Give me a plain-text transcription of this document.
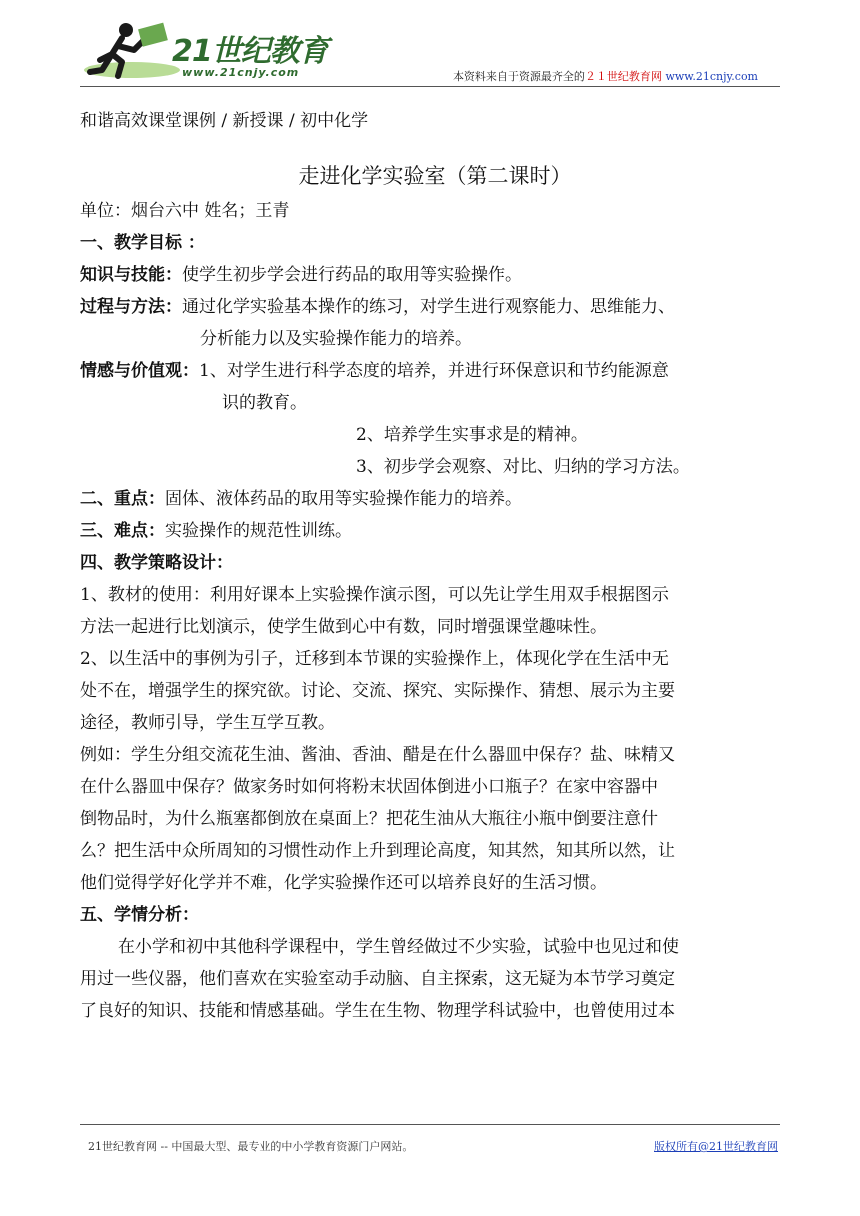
21世纪教育
www.21cnjy.com	本资料来自于资源最齐全的２１世纪教育网 www.21cnjy.com
和谐高效课堂课例 / 新授课 / 初中化学
走进化学实验室（第二课时）
单位：烟台六中 姓名；王青
一、教学目标 ：
知识与技能：使学生初步学会进行药品的取用等实验操作。
过程与方法：通过化学实验基本操作的练习，对学生进行观察能力、思维能力、
分析能力以及实验操作能力的培养。
情感与价值观：1、对学生进行科学态度的培养，并进行环保意识和节约能源意
识的教育。
2、培养学生实事求是的精神。
3、初步学会观察、对比、归纳的学习方法。
二、重点：固体、液体药品的取用等实验操作能力的培养。
三、难点：实验操作的规范性训练。
四、教学策略设计：
1、教材的使用：利用好课本上实验操作演示图，可以先让学生用双手根据图示
方法一起进行比划演示，使学生做到心中有数，同时增强课堂趣味性。
2、以生活中的事例为引子，迁移到本节课的实验操作上，体现化学在生活中无
处不在，增强学生的探究欲。讨论、交流、探究、实际操作、猜想、展示为主要
途径，教师引导，学生互学互教。
例如：学生分组交流花生油、酱油、香油、醋是在什么器皿中保存？盐、味精又
在什么器皿中保存？做家务时如何将粉末状固体倒进小口瓶子？在家中容器中
倒物品时，为什么瓶塞都倒放在桌面上？把花生油从大瓶往小瓶中倒要注意什
么？把生活中众所周知的习惯性动作上升到理论高度，知其然，知其所以然，让
他们觉得学好化学并不难，化学实验操作还可以培养良好的生活习惯。
五、学情分析：
在小学和初中其他科学课程中，学生曾经做过不少实验，试验中也见过和使
用过一些仪器，他们喜欢在实验室动手动脑、自主探索，这无疑为本节学习奠定
了良好的知识、技能和情感基础。学生在生物、物理学科试验中，也曾使用过本
21世纪教育网 -- 中国最大型、最专业的中小学教育资源门户网站。	版权所有@21世纪教育网
